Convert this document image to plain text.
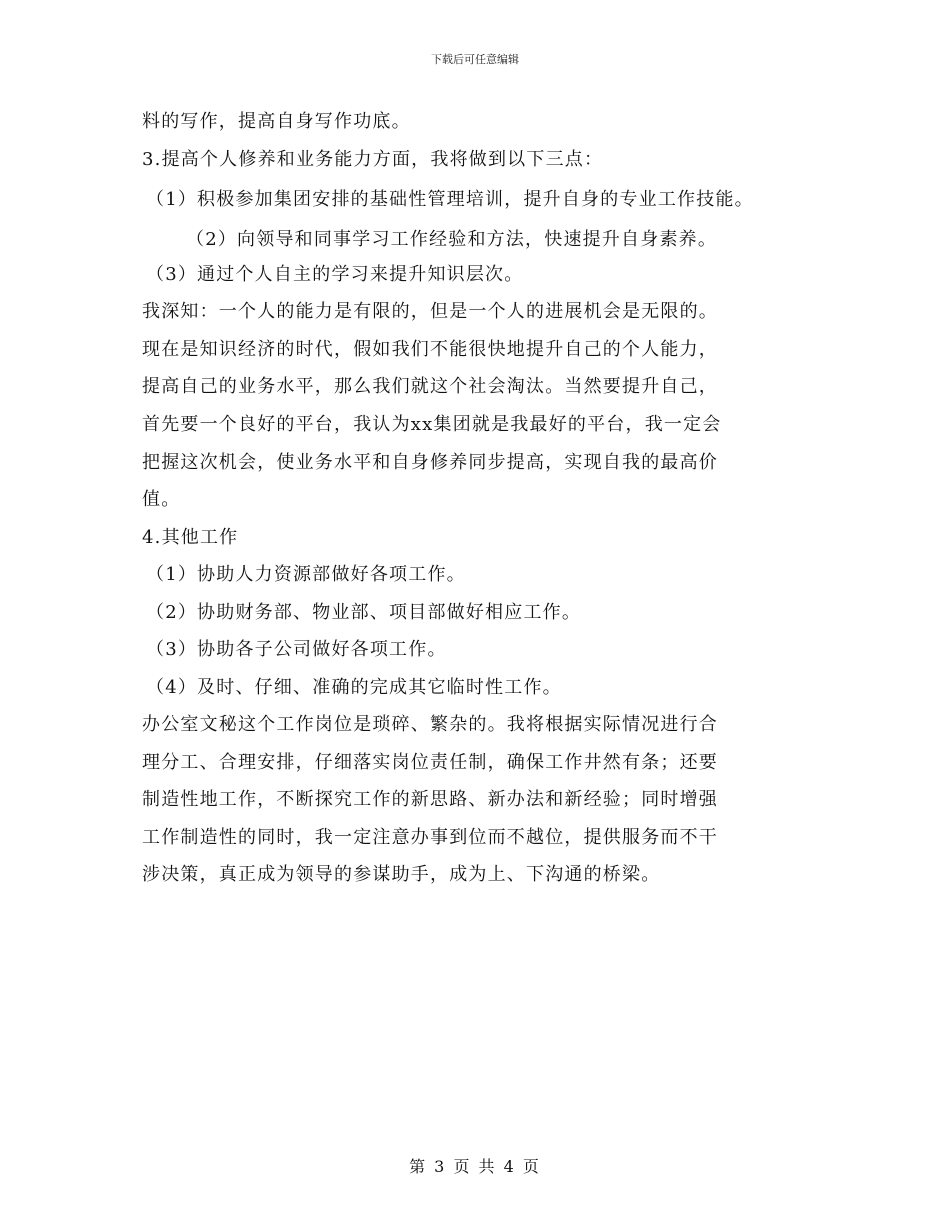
下载后可任意编辑
料的写作，提高自身写作功底。
3.提高个人修养和业务能力方面，我将做到以下三点：
（1）积极参加集团安排的基础性管理培训，提升自身的专业工作技能。
（2）向领导和同事学习工作经验和方法，快速提升自身素养。
（3）通过个人自主的学习来提升知识层次。
我深知：一个人的能力是有限的，但是一个人的进展机会是无限的。
现在是知识经济的时代，假如我们不能很快地提升自己的个人能力，
提高自己的业务水平，那么我们就这个社会淘汰。当然要提升自己，
首先要一个良好的平台，我认为xx集团就是我最好的平台，我一定会
把握这次机会，使业务水平和自身修养同步提高，实现自我的最高价
值。
4.其他工作
（1）协助人力资源部做好各项工作。
（2）协助财务部、物业部、项目部做好相应工作。
（3）协助各子公司做好各项工作。
（4）及时、仔细、准确的完成其它临时性工作。
办公室文秘这个工作岗位是琐碎、繁杂的。我将根据实际情况进行合
理分工、合理安排，仔细落实岗位责任制，确保工作井然有条；还要
制造性地工作，不断探究工作的新思路、新办法和新经验；同时增强
工作制造性的同时，我一定注意办事到位而不越位，提供服务而不干
涉决策，真正成为领导的参谋助手，成为上、下沟通的桥梁。
第 3 页 共 4 页
